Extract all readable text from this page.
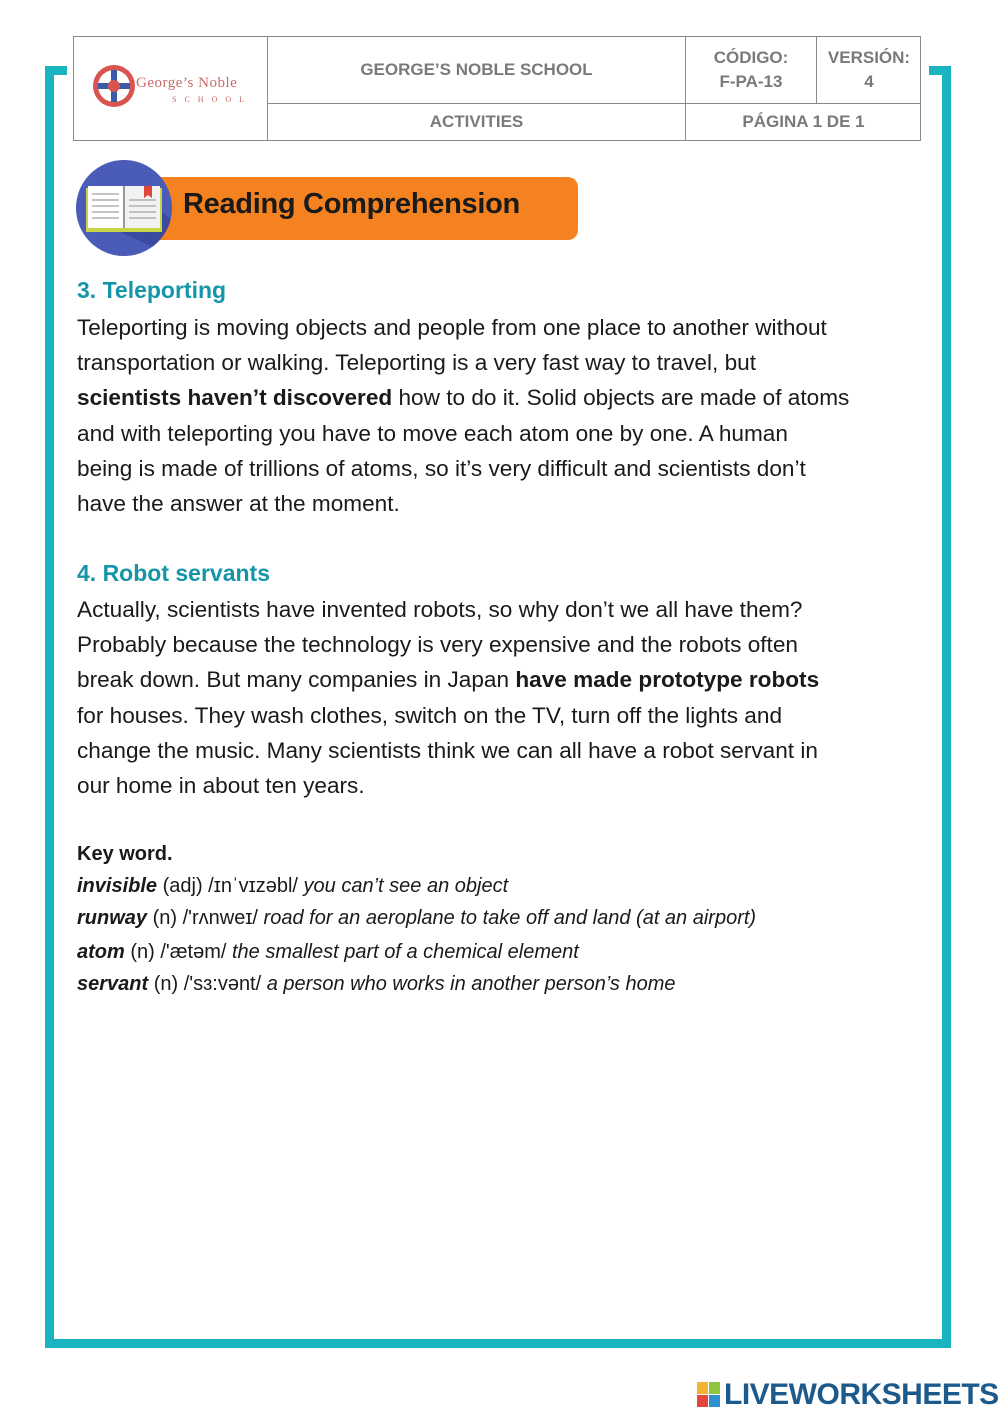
George’s Noble
SCHOOL
GEORGE’S NOBLE SCHOOL
CÓDIGO:
F-PA-13
VERSIÓN:
4
ACTIVITIES	PÁGINA 1 DE 1
Reading Comprehension
3. Teleporting
Teleporting is moving objects and people from one place to another without
transportation or walking. Teleporting is a very fast way to travel, but
scientists haven’t discovered how to do it. Solid objects are made of atoms
and with teleporting you have to move each atom one by one. A human
being is made of trillions of atoms, so it’s very difficult and scientists don’t
have the answer at the moment.
4. Robot servants
Actually, scientists have invented robots, so why don’t we all have them?
Probably because the technology is very expensive and the robots often
break down. But many companies in Japan have made prototype robots
for houses. They wash clothes, switch on the TV, turn off the lights and
change the music. Many scientists think we can all have a robot servant in
our home in about ten years.
Key word.
invisible (adj) /ɪnˈvɪzəbl/ you can’t see an object
runway (n) /'rʌnweɪ/ road for an aeroplane to take off and land (at an airport)
atom (n) /'ætəm/ the smallest part of a chemical element
servant (n) /'sɜ:vənt/ a person who works in another person’s home
LIVEWORKSHEETS
